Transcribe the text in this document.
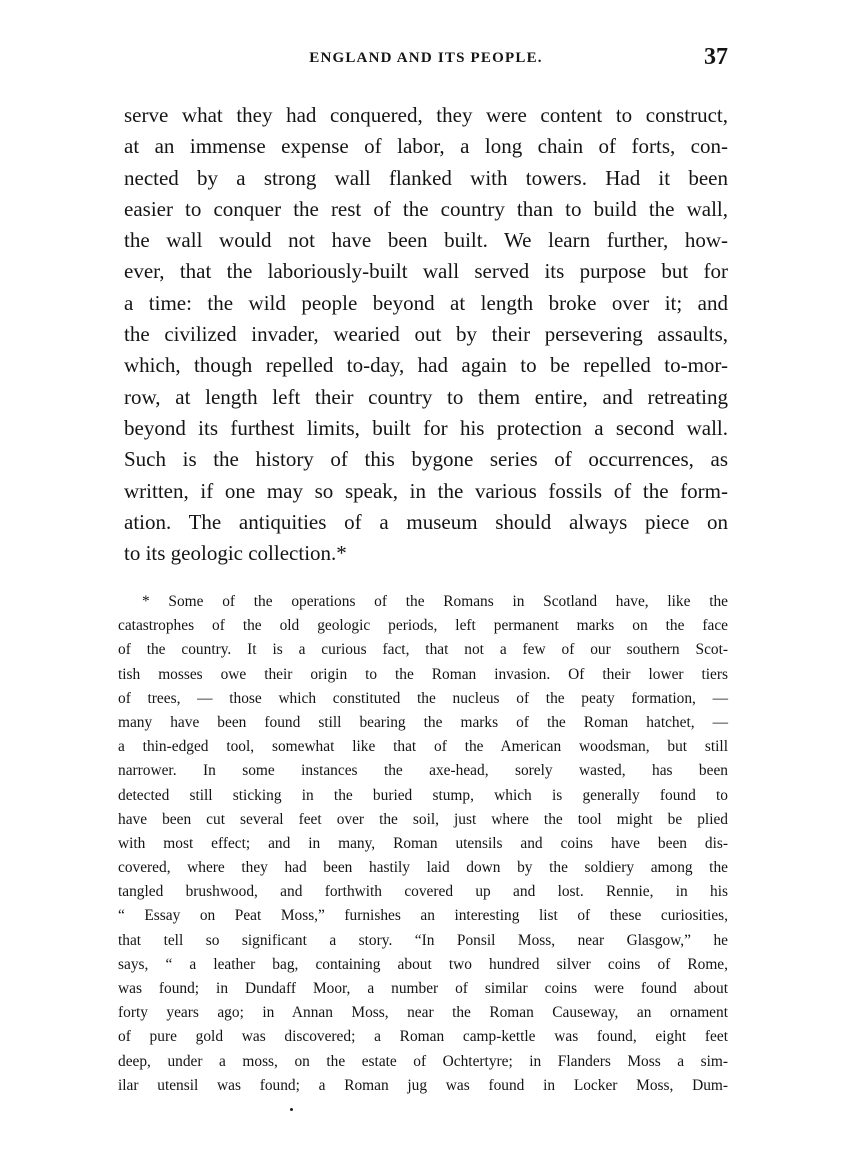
ENGLAND AND ITS PEOPLE.	37
serve what they had conquered, they were content to construct,
at an immense expense of labor, a long chain of forts, con-
nected by a strong wall flanked with towers. Had it been
easier to conquer the rest of the country than to build the wall,
the wall would not have been built. We learn further, how-
ever, that the laboriously-built wall served its purpose but for
a time: the wild people beyond at length broke over it; and
the civilized invader, wearied out by their persevering assaults,
which, though repelled to-day, had again to be repelled to-mor-
row, at length left their country to them entire, and retreating
beyond its furthest limits, built for his protection a second wall.
Such is the history of this bygone series of occurrences, as
written, if one may so speak, in the various fossils of the form-
ation. The antiquities of a museum should always piece on
to its geologic collection.*
* Some of the operations of the Romans in Scotland have, like the
catastrophes of the old geologic periods, left permanent marks on the face
of the country. It is a curious fact, that not a few of our southern Scot-
tish mosses owe their origin to the Roman invasion. Of their lower tiers
of trees, — those which constituted the nucleus of the peaty formation, —
many have been found still bearing the marks of the Roman hatchet, —
a thin-edged tool, somewhat like that of the American woodsman, but still
narrower. In some instances the axe-head, sorely wasted, has been
detected still sticking in the buried stump, which is generally found to
have been cut several feet over the soil, just where the tool might be plied
with most effect; and in many, Roman utensils and coins have been dis-
covered, where they had been hastily laid down by the soldiery among the
tangled brushwood, and forthwith covered up and lost. Rennie, in his
“ Essay on Peat Moss,” furnishes an interesting list of these curiosities,
that tell so significant a story. “In Ponsil Moss, near Glasgow,” he
says, “ a leather bag, containing about two hundred silver coins of Rome,
was found; in Dundaff Moor, a number of similar coins were found about
forty years ago; in Annan Moss, near the Roman Causeway, an ornament
of pure gold was discovered; a Roman camp-kettle was found, eight feet
deep, under a moss, on the estate of Ochtertyre; in Flanders Moss a sim-
ilar utensil was found; a Roman jug was found in Locker Moss, Dum-
